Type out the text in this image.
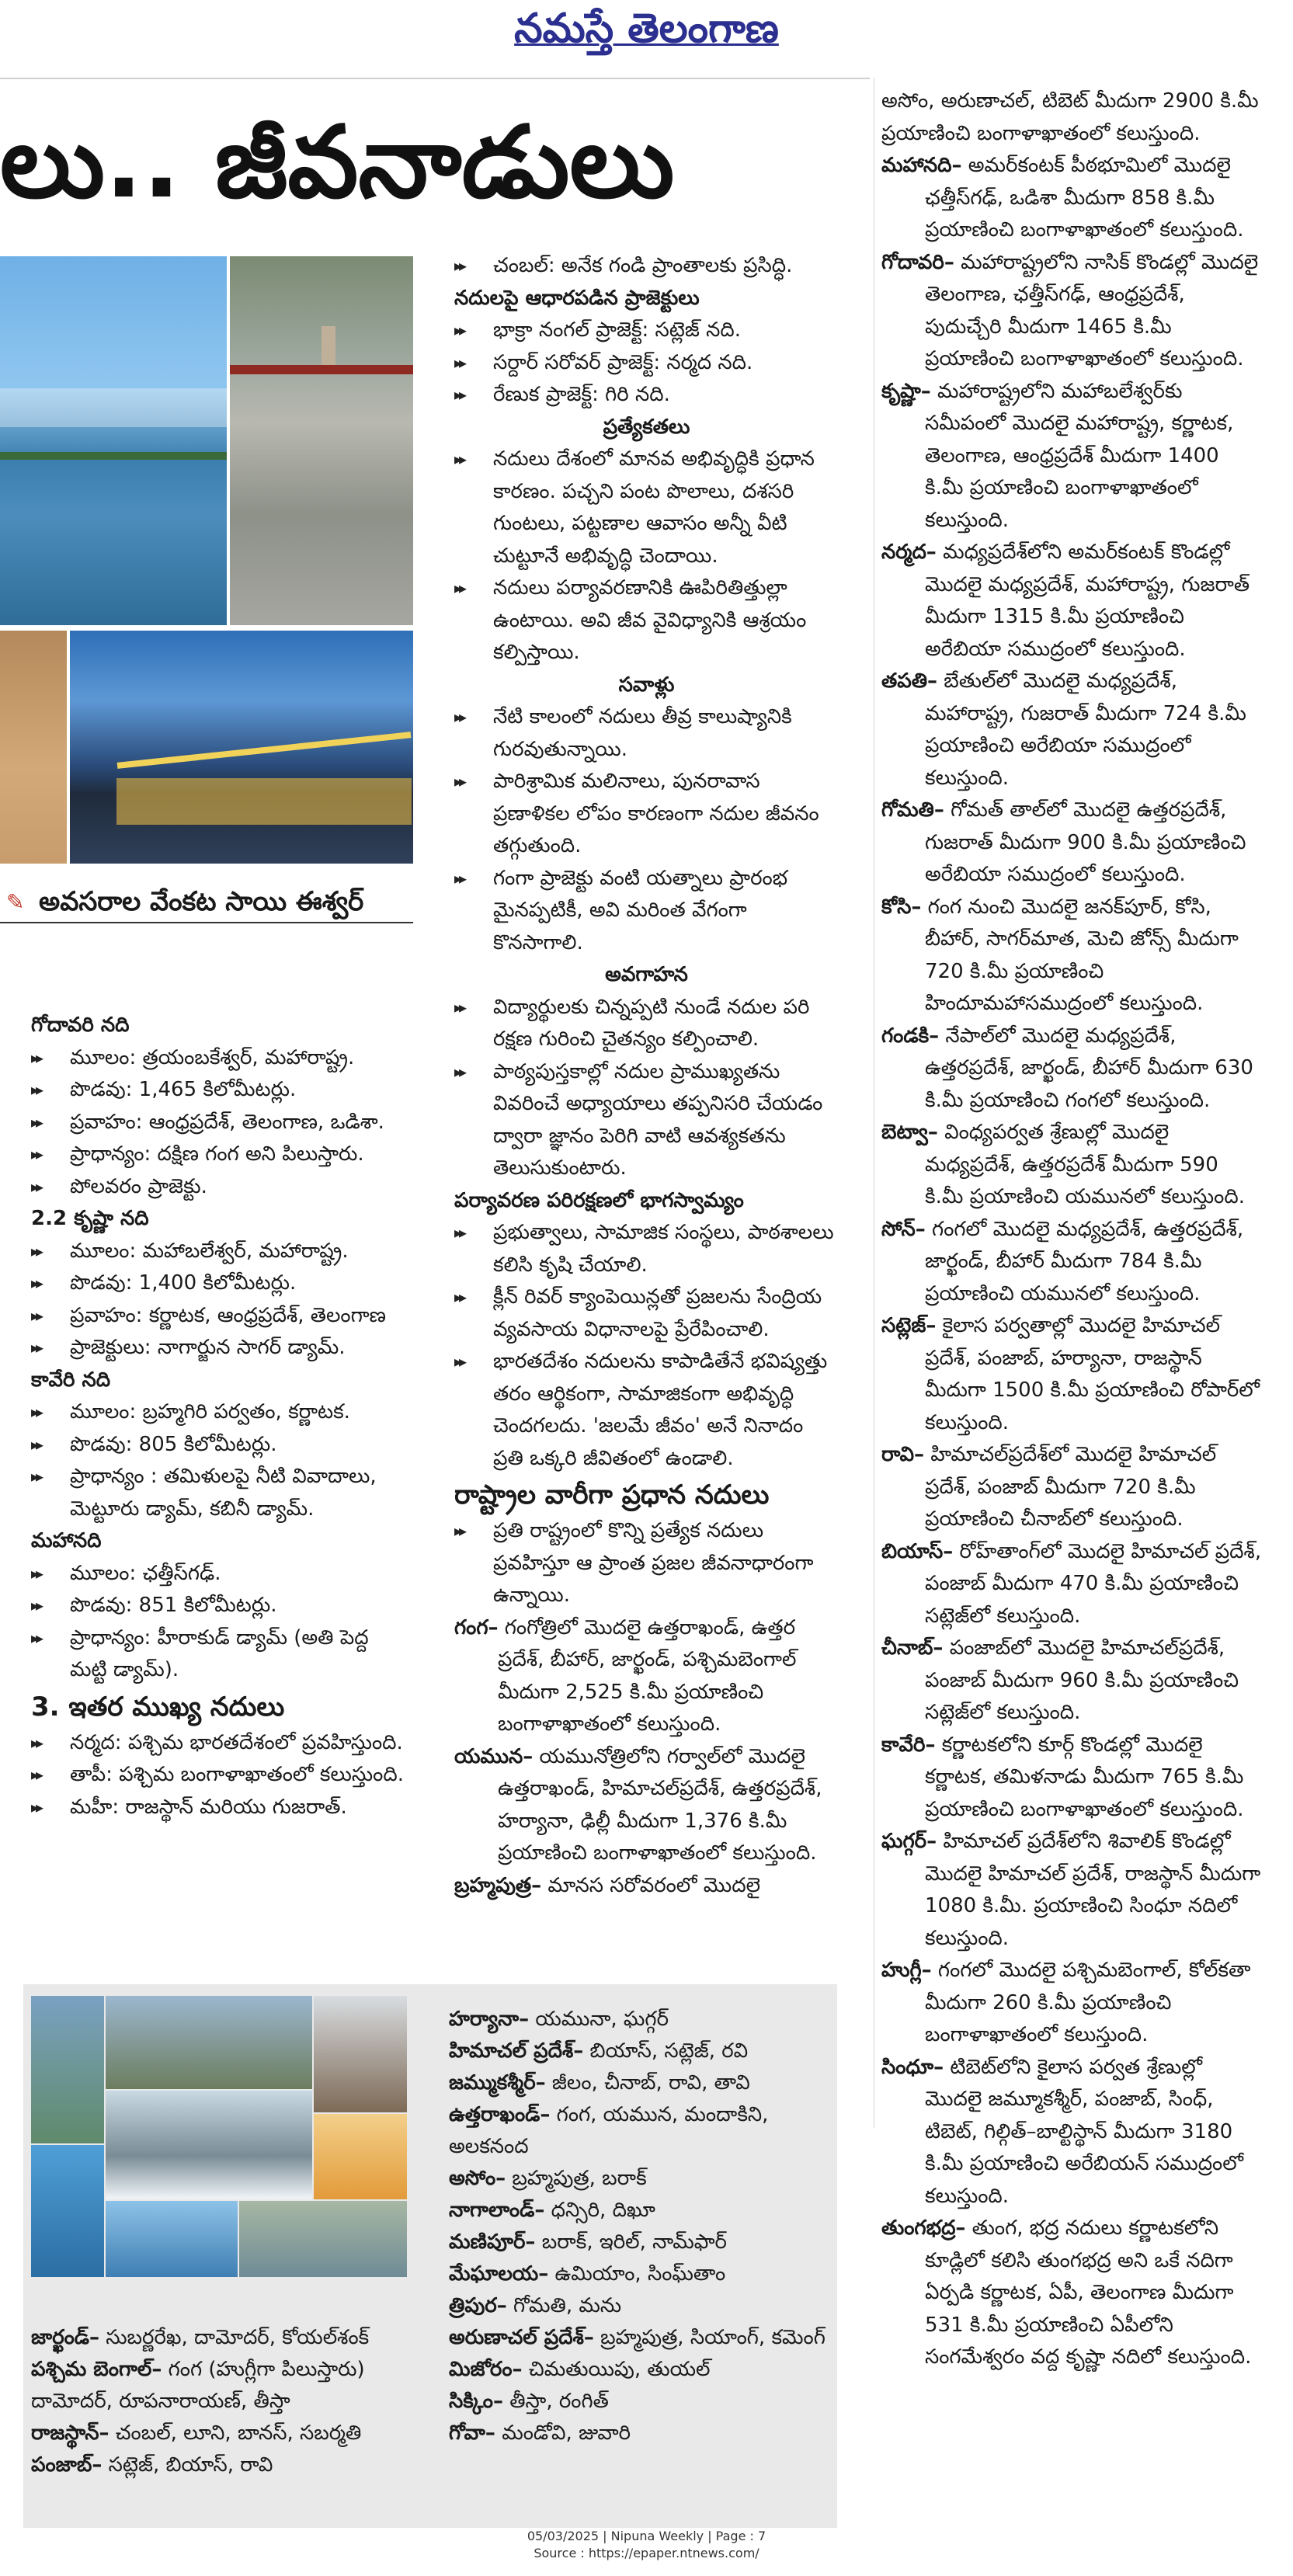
నమస్తే తెలంగాణ
లు.. జీవనాడులు
✎ అవసరాల వేంకట సాయి ఈశ్వర్

గోదావరి నది

▸▸ మూలం: త్రయంబకేశ్వర్, మహారాష్ట్ర.

▸▸ పొడవు: 1,465 కిలోమీటర్లు.

▸▸ ప్రవాహం: ఆంధ్రప్రదేశ్, తెలంగాణ, ఒడిశా.

▸▸ ప్రాధాన్యం: దక్షిణ గంగ అని పిలుస్తారు.

▸▸ పోలవరం ప్రాజెక్టు.

2.2 కృష్ణా నది

▸▸ మూలం: మహాబలేశ్వర్, మహారాష్ట్ర.

▸▸ పొడవు: 1,400 కిలోమీటర్లు.

▸▸ ప్రవాహం: కర్ణాటక, ఆంధ్రప్రదేశ్, తెలంగాణ

▸▸ ప్రాజెక్టులు: నాగార్జున సాగర్ డ్యామ్.

కావేరి నది

▸▸ మూలం: బ్రహ్మగిరి పర్వతం, కర్ణాటక.

▸▸ పొడవు: 805 కిలోమీటర్లు.

▸▸ ప్రాధాన్యం : తమిళులపై నీటి వివాదాలు, మెట్టూరు డ్యామ్, కబినీ డ్యామ్.

మహానది

▸▸ మూలం: ఛత్తీస్‌గఢ్.

▸▸ పొడవు: 851 కిలోమీటర్లు.

▸▸ ప్రాధాన్యం: హీరాకుడ్ డ్యామ్ (అతి పెద్ద మట్టి డ్యామ్).

3. ఇతర ముఖ్య నదులు

▸▸ నర్మద: పశ్చిమ భారతదేశంలో ప్రవహిస్తుంది.

▸▸ తాపీ: పశ్చిమ బంగాళాఖాతంలో కలుస్తుంది.

▸▸ మహీ: రాజస్థాన్ మరియు గుజరాత్.

▸▸ చంబల్: అనేక గండి ప్రాంతాలకు ప్రసిద్ధి.

నదులపై ఆధారపడిన ప్రాజెక్టులు

▸▸ భాక్రా నంగల్ ప్రాజెక్ట్: సట్లెజ్ నది.

▸▸ సర్దార్ సరోవర్ ప్రాజెక్ట్: నర్మద నది.

▸▸ రేణుక ప్రాజెక్ట్: గిరి నది.

ప్రత్యేకతలు

▸▸ నదులు దేశంలో మానవ అభివృద్ధికి ప్రధాన కారణం. పచ్చని పంట పొలాలు, దశసరి గుంటలు, పట్టణాల ఆవాసం అన్నీ వీటి చుట్టూనే అభివృద్ధి చెందాయి.

▸▸ నదులు పర్యావరణానికి ఊపిరితిత్తుల్లా ఉంటాయి. అవి జీవ వైవిధ్యానికి ఆశ్రయం కల్పిస్తాయి.

సవాళ్లు

▸▸ నేటి కాలంలో నదులు తీవ్ర కాలుష్యానికి గురవుతున్నాయి.

▸▸ పారిశ్రామిక మలినాలు, పునరావాస ప్రణాళికల లోపం కారణంగా నదుల జీవనం తగ్గుతుంది.

▸▸ గంగా ప్రాజెక్టు వంటి యత్నాలు ప్రారంభ మైనప్పటికీ, అవి మరింత వేగంగా కొనసాగాలి.

అవగాహన

▸▸ విద్యార్థులకు చిన్నప్పటి నుండే నదుల పరి రక్షణ గురించి చైతన్యం కల్పించాలి.

▸▸ పాఠ్యపుస్తకాల్లో నదుల ప్రాముఖ్యతను వివరించే అధ్యాయాలు తప్పనిసరి చేయడం ద్వారా జ్ఞానం పెరిగి వాటి ఆవశ్యకతను తెలుసుకుంటారు.

పర్యావరణ పరిరక్షణలో భాగస్వామ్యం

▸▸ ప్రభుత్వాలు, సామాజిక సంస్థలు, పాఠశాలలు కలిసి కృషి చేయాలి.

▸▸ క్లీన్ రివర్ క్యాంపెయిన్లతో ప్రజలను సేంద్రియ వ్యవసాయ విధానాలపై ప్రేరేపించాలి.

▸▸ భారతదేశం నదులను కాపాడితేనే భవిష్యత్తు తరం ఆర్థికంగా, సామాజికంగా అభివృద్ధి చెందగలదు. 'జలమే జీవం' అనే నినాదం ప్రతి ఒక్కరి జీవితంలో ఉండాలి.

రాష్ట్రాల వారీగా ప్రధాన నదులు

▸▸ ప్రతి రాష్ట్రంలో కొన్ని ప్రత్యేక నదులు ప్రవహిస్తూ ఆ ప్రాంత ప్రజల జీవనాధారంగా ఉన్నాయి.

గంగ– గంగోత్రిలో మొదలై ఉత్తరాఖండ్, ఉత్తర ప్రదేశ్, బీహార్, జార్ఖండ్, పశ్చిమబెంగాల్ మీదుగా 2,525 కి.మీ ప్రయాణించి బంగాళాఖాతంలో కలుస్తుంది.

యమున– యమునోత్రిలోని గర్వాల్‌లో మొదలై ఉత్తరాఖండ్, హిమాచల్‌ప్రదేశ్, ఉత్తరప్రదేశ్, హర్యానా, ఢిల్లీ మీదుగా 1,376 కి.మీ ప్రయాణించి బంగాళాఖాతంలో కలుస్తుంది.

బ్రహ్మపుత్ర– మానస సరోవరంలో మొదలై

అసోం, అరుణాచల్, టిబెట్ మీదుగా 2900 కి.మీ ప్రయాణించి బంగాళాఖాతంలో కలుస్తుంది.

మహానది– అమర్‌కంటక్ పీఠభూమిలో మొదలై ఛత్తీస్‌గఢ్, ఒడిశా మీదుగా 858 కి.మీ ప్రయాణించి బంగాళాఖాతంలో కలుస్తుంది.

గోదావరి– మహారాష్ట్రలోని నాసిక్ కొండల్లో మొదలై తెలంగాణ, ఛత్తీస్‌గఢ్, ఆంధ్రప్రదేశ్, పుదుచ్చేరి మీదుగా 1465 కి.మీ ప్రయాణించి బంగాళాఖాతంలో కలుస్తుంది.

కృష్ణా– మహారాష్ట్రలోని మహాబలేశ్వర్‌కు సమీపంలో మొదలై మహారాష్ట్ర, కర్ణాటక, తెలంగాణ, ఆంధ్రప్రదేశ్ మీదుగా 1400 కి.మీ ప్రయాణించి బంగాళాఖాతంలో కలుస్తుంది.

నర్మద– మధ్యప్రదేశ్‌లోని అమర్‌కంటక్ కొండల్లో మొదలై మధ్యప్రదేశ్, మహారాష్ట్ర, గుజరాత్ మీదుగా 1315 కి.మీ ప్రయాణించి అరేబియా సముద్రంలో కలుస్తుంది.

తపతి– బేతుల్‌లో మొదలై మధ్యప్రదేశ్, మహారాష్ట్ర, గుజరాత్ మీదుగా 724 కి.మీ ప్రయాణించి అరేబియా సముద్రంలో కలుస్తుంది.

గోమతి– గోమత్ తాల్‌లో మొదలై ఉత్తరప్రదేశ్, గుజరాత్ మీదుగా 900 కి.మీ ప్రయాణించి అరేబియా సముద్రంలో కలుస్తుంది.

కోసి– గంగ నుంచి మొదలై జనక్‌పూర్, కోసి, బీహార్, సాగర్‌మాత, మెచి జోన్స్ మీదుగా 720 కి.మీ ప్రయాణించి హిందూమహాసముద్రంలో కలుస్తుంది.

గండకి– నేపాల్‌లో మొదలై మధ్యప్రదేశ్, ఉత్తరప్రదేశ్, జార్ఖండ్, బీహార్ మీదుగా 630 కి.మీ ప్రయాణించి గంగలో కలుస్తుంది.

బెట్వా– వింధ్యపర్వత శ్రేణుల్లో మొదలై మధ్యప్రదేశ్, ఉత్తరప్రదేశ్ మీదుగా 590 కి.మీ ప్రయాణించి యమునలో కలుస్తుంది.

సోన్– గంగలో మొదలై మధ్యప్రదేశ్, ఉత్తరప్రదేశ్, జార్ఖండ్, బీహార్ మీదుగా 784 కి.మీ ప్రయాణించి యమునలో కలుస్తుంది.

సట్లెజ్– కైలాస పర్వతాల్లో మొదలై హిమాచల్ ప్రదేశ్, పంజాబ్, హర్యానా, రాజస్థాన్ మీదుగా 1500 కి.మీ ప్రయాణించి రోపార్‌లో కలుస్తుంది.

రావి– హిమాచల్‌ప్రదేశ్‌లో మొదలై హిమాచల్ ప్రదేశ్, పంజాబ్ మీదుగా 720 కి.మీ ప్రయాణించి చీనాబ్‌లో కలుస్తుంది.

బియాస్– రోహ్‌తాంగ్‌లో మొదలై హిమాచల్ ప్రదేశ్, పంజాబ్ మీదుగా 470 కి.మీ ప్రయాణించి సట్లెజ్‌లో కలుస్తుంది.

చీనాబ్– పంజాబ్‌లో మొదలై హిమాచల్‌ప్రదేశ్, పంజాబ్ మీదుగా 960 కి.మీ ప్రయాణించి సట్లెజ్‌లో కలుస్తుంది.

కావేరి– కర్ణాటకలోని కూర్గ్ కొండల్లో మొదలై కర్ణాటక, తమిళనాడు మీదుగా 765 కి.మీ ప్రయాణించి బంగాళాఖాతంలో కలుస్తుంది.

ఘగ్గర్– హిమాచల్ ప్రదేశ్‌లోని శివాలిక్ కొండల్లో మొదలై హిమాచల్ ప్రదేశ్, రాజస్థాన్ మీదుగా 1080 కి.మీ. ప్రయాణించి సింధూ నదిలో కలుస్తుంది.

హుగ్లీ– గంగలో మొదలై పశ్చిమబెంగాల్, కోల్‌కతా మీదుగా 260 కి.మీ ప్రయాణించి బంగాళాఖాతంలో కలుస్తుంది.

సింధూ– టిబెట్‌లోని కైలాస పర్వత శ్రేణుల్లో మొదలై జమ్మూకశ్మీర్, పంజాబ్, సింధ్, టిబెట్, గిల్గిత్–బాల్టిస్థాన్ మీదుగా 3180 కి.మీ ప్రయాణించి అరేబియన్ సముద్రంలో కలుస్తుంది.

తుంగభద్ర– తుంగ, భద్ర నదులు కర్ణాటకలోని కూడ్లిలో కలిసి తుంగభద్ర అని ఒకే నదిగా ఏర్పడి కర్ణాటక, ఏపీ, తెలంగాణ మీదుగా 531 కి.మీ ప్రయాణించి ఏపీలోని సంగమేశ్వరం వద్ద కృష్ణా నదిలో కలుస్తుంది.

జార్ఖండ్– సుబర్ణరేఖ, దామోదర్, కోయల్‌శంక్

పశ్చిమ బెంగాల్– గంగ (హుగ్లీగా పిలుస్తారు)

దామోదర్, రూపనారాయణ్, తీస్తా

రాజస్థాన్– చంబల్, లూని, బానస్, సబర్మతి

పంజాబ్– సట్లెజ్, బియాస్, రావి

హర్యానా– యమునా, ఘగ్గర్

హిమాచల్ ప్రదేశ్– బియాస్, సట్లెజ్, రవి

జమ్ముకశ్మీర్– జీలం, చీనాబ్, రావి, తావి

ఉత్తరాఖండ్– గంగ, యమున, మందాకిని, అలకనంద

అసోం– బ్రహ్మపుత్ర, బరాక్

నాగాలాండ్– ధన్సిరి, దిఖూ

మణిపూర్– బరాక్, ఇరిల్, నామ్‌ఫార్

మేఘాలయ– ఉమియాం, సింఘ్‌తాం

త్రిపుర– గోమతి, మను

అరుణాచల్ ప్రదేశ్– బ్రహ్మపుత్ర, సియాంగ్, కమెంగ్

మిజోరం– చిమతుయిపు, తుయల్

సిక్కిం– తీస్తా, రంగిత్

గోవా– మండోవి, జువారి

05/03/2025 | Nipuna Weekly | Page : 7
Source : https://epaper.ntnews.com/
